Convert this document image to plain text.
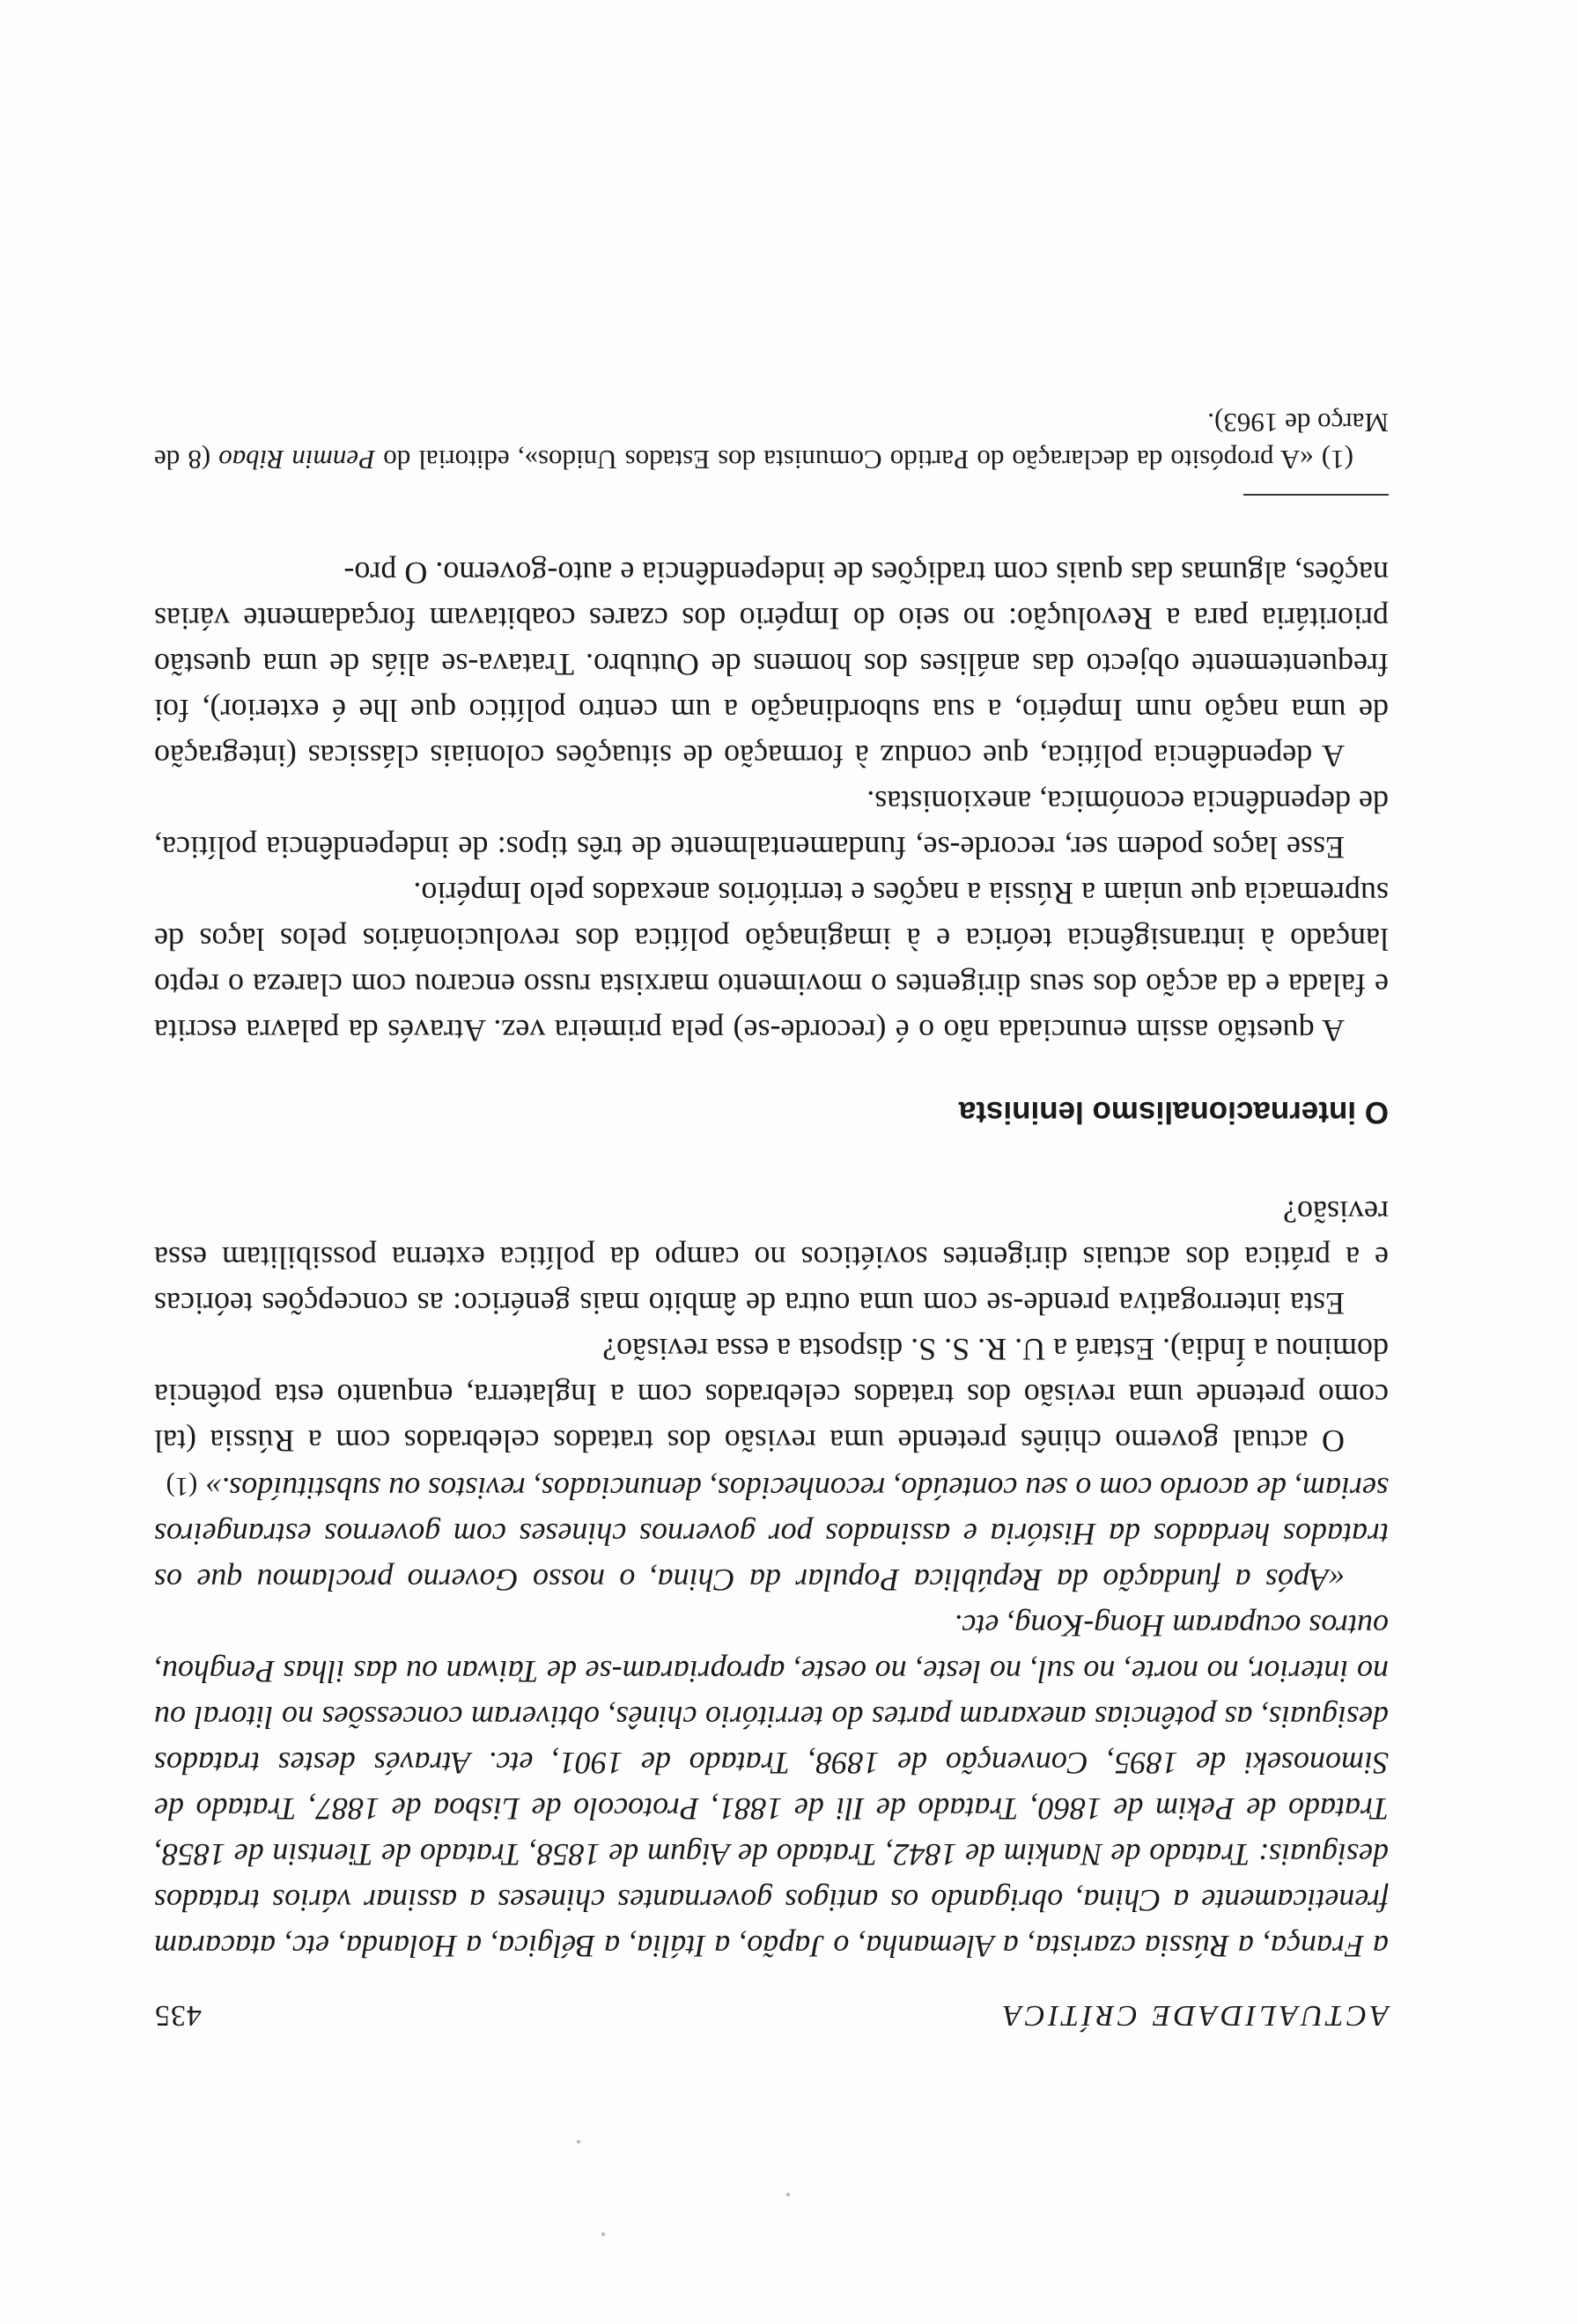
ACTUALIDADE CRÍTICA
435

a França, a Rússia czarista, a Alemanha, o Japão, a Itália, a Bélgica, a Holanda, etc, atacaram freneticamente a China, obrigando os antigos governantes chineses a assinar vários tratados desiguais: Tratado de Nankim de 1842, Tratado de Aigum de 1858, Tratado de Tientsin de 1858, Tratado de Pekim de 1860, Tratado de Ili de 1881, Protocolo de Lisboa de 1887, Tratado de Simonoseki de 1895, Convenção de 1898, Tratado de 1901, etc. Através destes tratados desiguais, as potências anexaram partes do território chinês, obtiveram concessões no litoral ou no interior, no norte, no sul, no leste, no oeste, apropriaram-se de Taiwan ou das ilhas Penghou, outros ocuparam Hong-Kong, etc.

«Após a fundação da República Popular da China, o nosso Governo proclamou que os tratados herdados da História e assinados por governos chineses com governos estrangeiros seriam, de acordo com o seu conteúdo, reconhecidos, denunciados, revistos ou substituídos.» (1)

O actual governo chinês pretende uma revisão dos tratados celebrados com a Rússia (tal como pretende uma revisão dos tratados celebrados com a Inglaterra, enquanto esta potência dominou a Índia). Estará a U. R. S. S. disposta a essa revisão?

Esta interrogativa prende-se com uma outra de âmbito mais genérico: as concepções teóricas e a prática dos actuais dirigentes soviéticos no campo da política externa possibilitam essa revisão?

O internacionalismo leninista

A questão assim enunciada não o é (recorde-se) pela primeira vez. Através da palavra escrita e falada e da acção dos seus dirigentes o movimento marxista russo encarou com clareza o repto lançado à intransigência teórica e à imaginação política dos revolucionários pelos laços de supremacia que uniam a Rússia a nações e territórios anexados pelo Império.

Esse laços podem ser, recorde-se, fundamentalmente de três tipos: de independência política, de dependência económica, anexionistas.

A dependência política, que conduz à formação de situações coloniais clássicas (integração de uma nação num Império, a sua subordinação a um centro político que lhe é exterior), foi frequentemente objecto das análises dos homens de Outubro. Tratava-se aliás de uma questão prioritária para a Revolução: no seio do Império dos czares coabitavam forçadamente várias nações, algumas das quais com tradições de independência e auto-governo. O pro-

(1) «A propósito da declaração do Partido Comunista dos Estados Unidos», editorial do Penmin Ribao (8 de Março de 1963).
